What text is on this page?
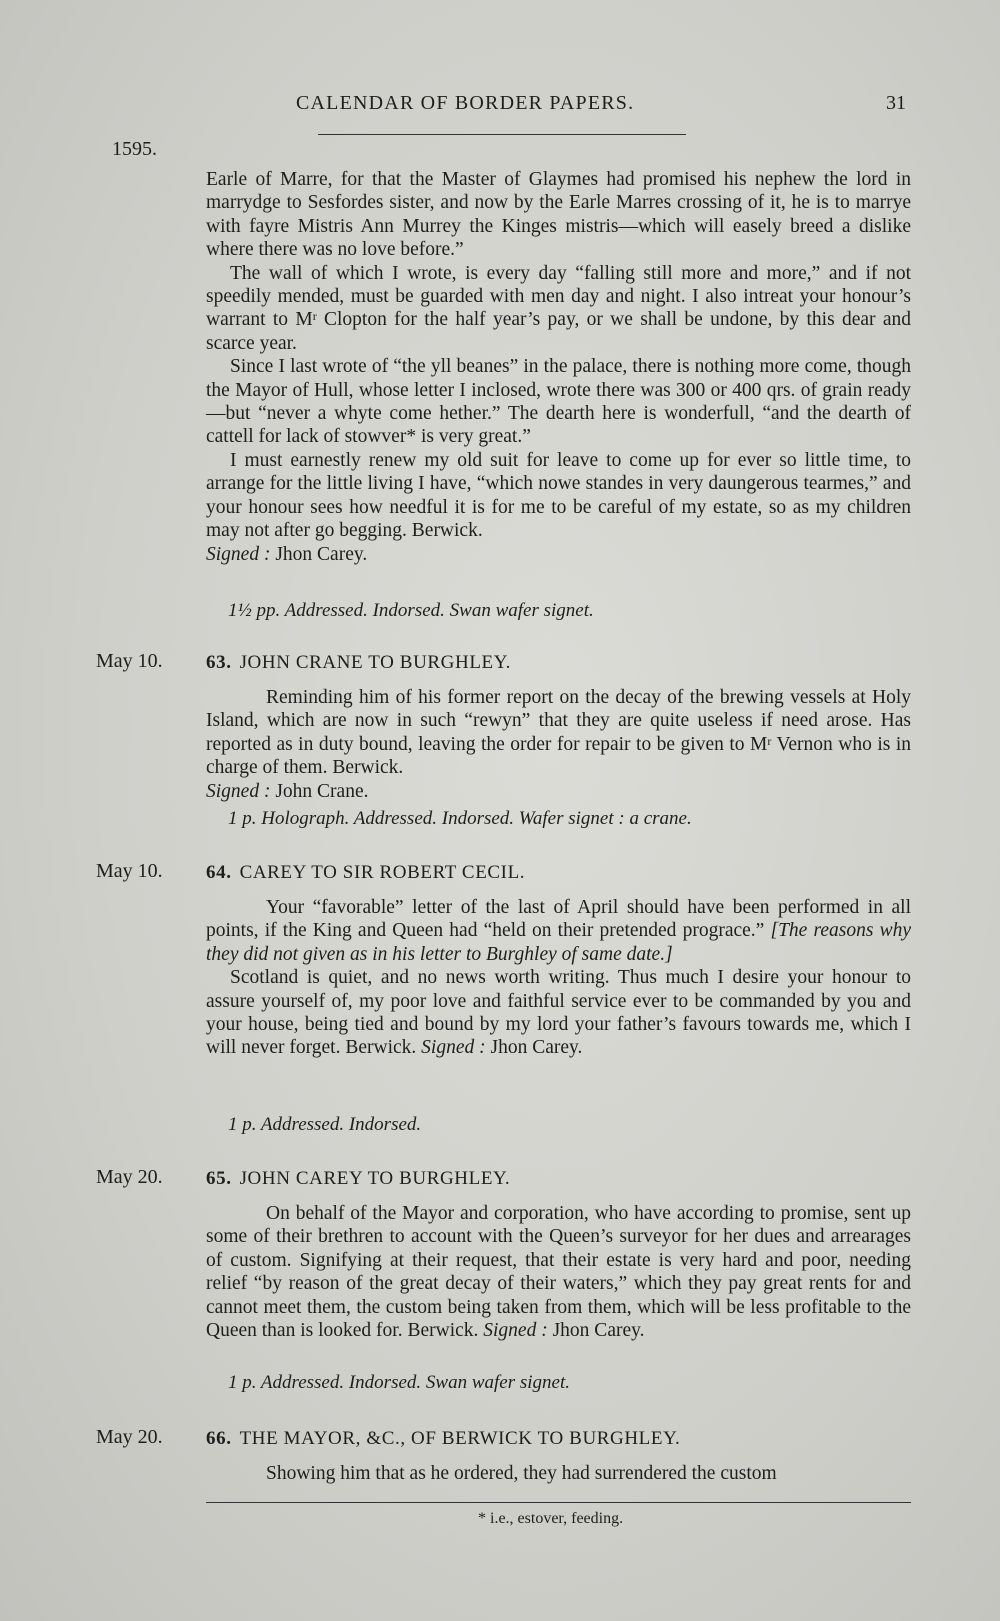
CALENDAR OF BORDER PAPERS.	31
1595.

Earle of Marre, for that the Master of Glaymes had promised his nephew the lord in marrydge to Sesfordes sister, and now by the Earle Marres crossing of it, he is to marrye with fayre Mistris Ann Murrey the Kinges mistris—which will easely breed a dislike where there was no love before.”

The wall of which I wrote, is every day “falling still more and more,” and if not speedily mended, must be guarded with men day and night. I also intreat your honour’s warrant to $M^r$ Clopton for the half year’s pay, or we shall be undone, by this dear and scarce year.

Since I last wrote of “the yll beanes” in the palace, there is nothing more come, though the Mayor of Hull, whose letter I inclosed, wrote there was 300 or 400 qrs. of grain ready—but “never a whyte come hether.” The dearth here is wonderfull, “and the dearth of cattell for lack of stowver* is very great.”

I must earnestly renew my old suit for leave to come up for ever so little time, to arrange for the little living I have, “which nowe standes in very daungerous tearmes,” and your honour sees how needful it is for me to be careful of my estate, so as my children may not after go begging. Berwick.

Signed : Jhon Carey.

1½ pp. Addressed. Indorsed. Swan wafer signet.
May 10. 63. JOHN CRANE TO BURGHLEY.

Reminding him of his former report on the decay of the brewing vessels at Holy Island, which are now in such “rewyn” that they are quite useless if need arose. Has reported as in duty bound, leaving the order for repair to be given to $M^r$ Vernon who is in charge of them. Berwick.

Signed : John Crane.

1 p. Holograph. Addressed. Indorsed. Wafer signet : a crane.
May 10. 64. CAREY TO SIR ROBERT CECIL.

Your “favorable” letter of the last of April should have been performed in all points, if the King and Queen had “held on their pretended prograce.” [The reasons why they did not given as in his letter to Burghley of same date.]

Scotland is quiet, and no news worth writing. Thus much I desire your honour to assure yourself of, my poor love and faithful service ever to be commanded by you and your house, being tied and bound by my lord your father’s favours towards me, which I will never forget. Berwick. Signed : Jhon Carey.

1 p. Addressed. Indorsed.
May 20. 65. JOHN CAREY TO BURGHLEY.

On behalf of the Mayor and corporation, who have according to promise, sent up some of their brethren to account with the Queen’s surveyor for her dues and arrearages of custom. Signifying at their request, that their estate is very hard and poor, needing relief “by reason of the great decay of their waters,” which they pay great rents for and cannot meet them, the custom being taken from them, which will be less profitable to the Queen than is looked for. Berwick. Signed : Jhon Carey.

1 p. Addressed. Indorsed. Swan wafer signet.
May 20. 66. THE MAYOR, &C., OF BERWICK TO BURGHLEY.

Showing him that as he ordered, they had surrendered the custom

* i.e., estover, feeding.
